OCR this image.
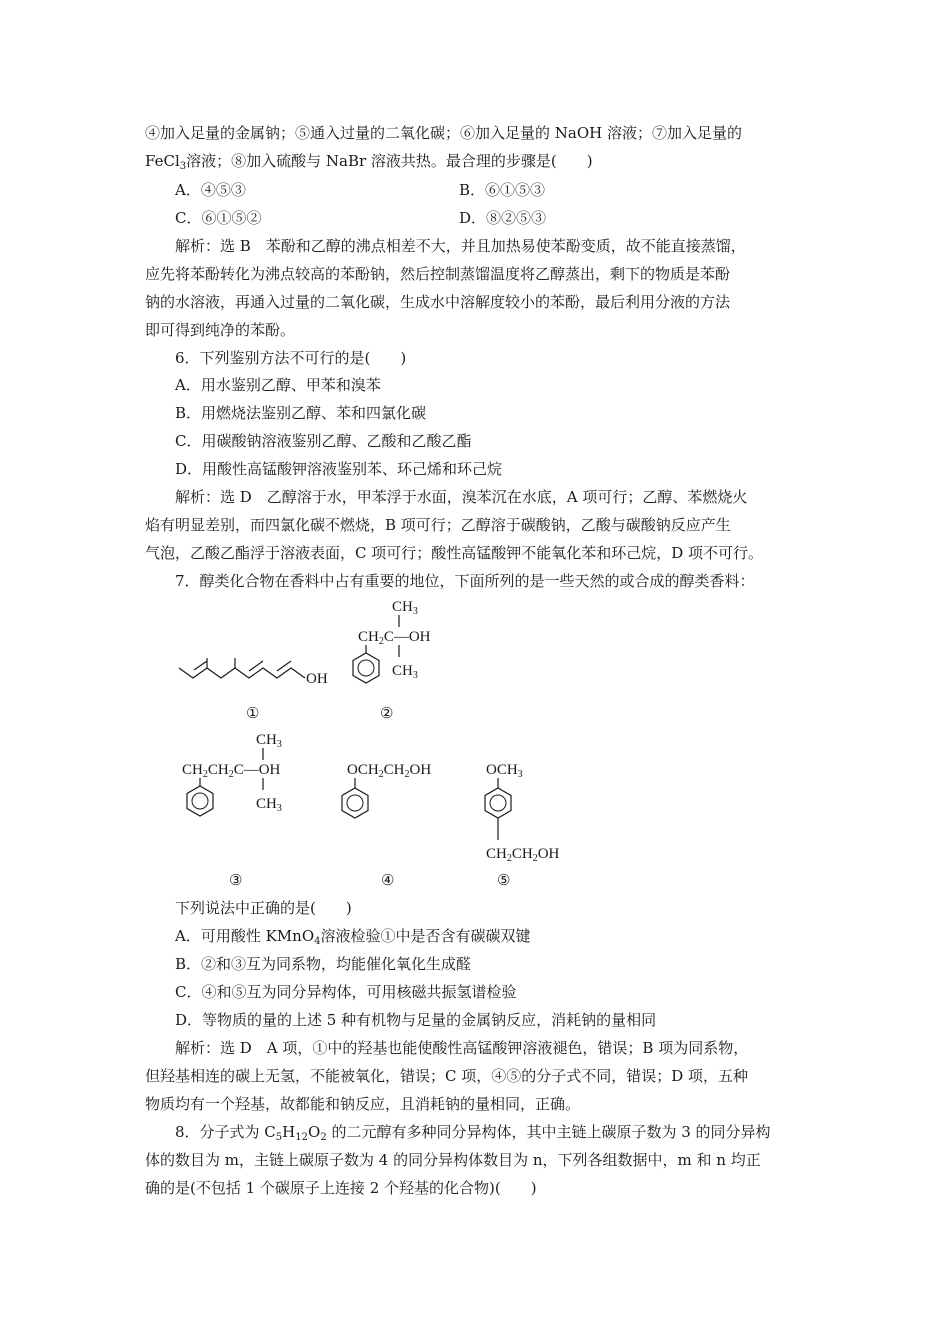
④加入足量的金属钠；⑤通入过量的二氧化碳；⑥加入足量的 NaOH 溶液；⑦加入足量的
FeCl$_3$溶液；⑧加入硫酸与 NaBr 溶液共热。最合理的步骤是(　　)
A．④⑤③	B．⑥①⑤③
C．⑥①⑤②	D．⑧②⑤③
解析：选 B　苯酚和乙醇的沸点相差不大，并且加热易使苯酚变质，故不能直接蒸馏，
应先将苯酚转化为沸点较高的苯酚钠，然后控制蒸馏温度将乙醇蒸出，剩下的物质是苯酚
钠的水溶液，再通入过量的二氧化碳，生成水中溶解度较小的苯酚，最后利用分液的方法
即可得到纯净的苯酚。
6．下列鉴别方法不可行的是(　　)
A．用水鉴别乙醇、甲苯和溴苯
B．用燃烧法鉴别乙醇、苯和四氯化碳
C．用碳酸钠溶液鉴别乙醇、乙酸和乙酸乙酯
D．用酸性高锰酸钾溶液鉴别苯、环己烯和环己烷
解析：选 D　乙醇溶于水，甲苯浮于水面，溴苯沉在水底，A 项可行；乙醇、苯燃烧火
焰有明显差别，而四氯化碳不燃烧，B 项可行；乙醇溶于碳酸钠，乙酸与碳酸钠反应产生
气泡，乙酸乙酯浮于溶液表面，C 项可行；酸性高锰酸钾不能氧化苯和环己烷，D 项不可行。
7．醇类化合物在香料中占有重要的地位，下面所列的是一些天然的或合成的醇类香料：
OH
①
$CH_3$
$CH_2C—OH$
$CH_3$
②
$CH_3$
$CH_2CH_2C—OH$
$CH_3$
③
$OCH_2CH_2OH$
④
$OCH_3$
$CH_2CH_2OH$
⑤
下列说法中正确的是(　　)
A．可用酸性 KMnO$_4$溶液检验①中是否含有碳碳双键
B．②和③互为同系物，均能催化氧化生成醛
C．④和⑤互为同分异构体，可用核磁共振氢谱检验
D．等物质的量的上述 5 种有机物与足量的金属钠反应，消耗钠的量相同
解析：选 D　A 项，①中的羟基也能使酸性高锰酸钾溶液褪色，错误；B 项为同系物，
但羟基相连的碳上无氢，不能被氧化，错误；C 项，④⑤的分子式不同，错误；D 项，五种
物质均有一个羟基，故都能和钠反应，且消耗钠的量相同，正确。
8．分子式为 $C_5H_{12}O_2$ 的二元醇有多种同分异构体，其中主链上碳原子数为 3 的同分异构
体的数目为 m，主链上碳原子数为 4 的同分异构体数目为 n，下列各组数据中，m 和 n 均正
确的是(不包括 1 个碳原子上连接 2 个羟基的化合物)(　　)
